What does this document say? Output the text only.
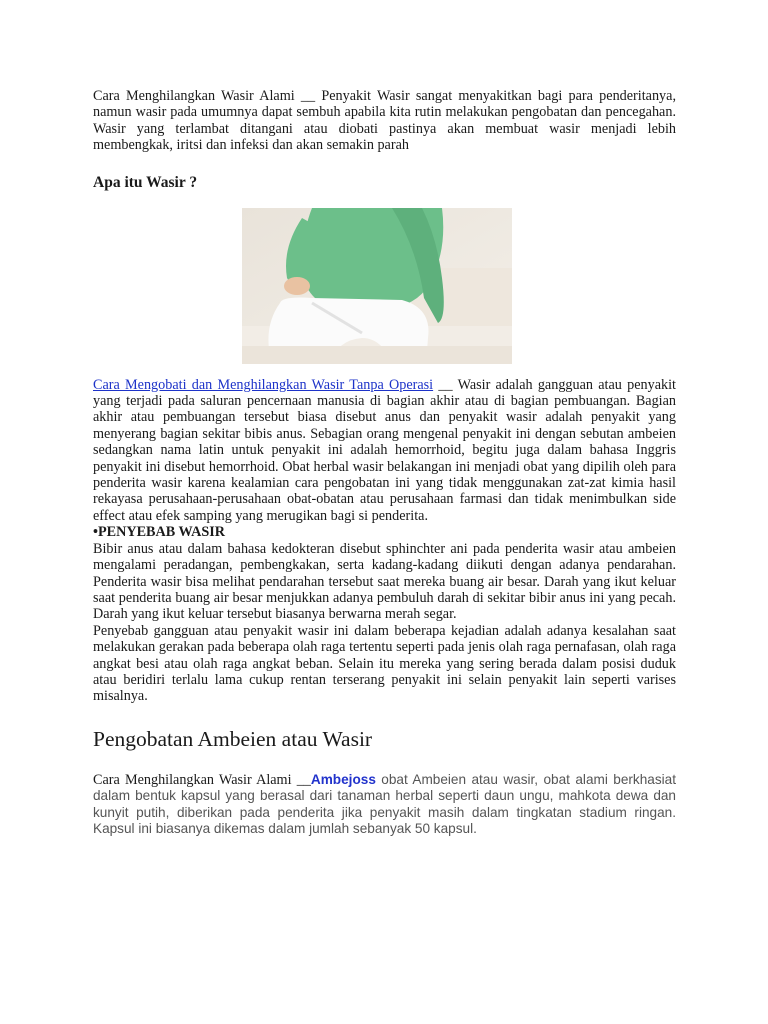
Cara Menghilangkan Wasir Alami __ Penyakit Wasir sangat menyakitkan bagi para penderitanya, namun wasir pada umumnya dapat sembuh apabila kita rutin melakukan pengobatan dan pencegahan. Wasir yang terlambat ditangani atau diobati pastinya akan membuat wasir menjadi lebih membengkak, iritsi dan infeksi dan akan semakin parah

Apa itu Wasir ?

Cara Mengobati dan Menghilangkan Wasir Tanpa Operasi __ Wasir adalah gangguan atau penyakit yang terjadi pada saluran pencernaan manusia di bagian akhir atau di bagian pembuangan. Bagian akhir atau pembuangan tersebut biasa disebut anus dan penyakit wasir adalah penyakit yang menyerang bagian sekitar bibis anus. Sebagian orang mengenal penyakit ini dengan sebutan ambeien sedangkan nama latin untuk penyakit ini adalah hemorrhoid, begitu juga dalam bahasa Inggris penyakit ini disebut hemorrhoid. Obat herbal wasir belakangan ini menjadi obat yang dipilih oleh para penderita wasir karena kealamian cara pengobatan ini yang tidak menggunakan zat-zat kimia hasil rekayasa perusahaan-perusahaan obat-obatan atau perusahaan farmasi dan tidak menimbulkan side effect atau efek samping yang merugikan bagi si penderita.

•PENYEBAB WASIR

Bibir anus atau dalam bahasa kedokteran disebut sphinchter ani pada penderita wasir atau ambeien mengalami peradangan, pembengkakan, serta kadang-kadang diikuti dengan adanya pendarahan. Penderita wasir bisa melihat pendarahan tersebut saat mereka buang air besar. Darah yang ikut keluar saat penderita buang air besar menjukkan adanya pembuluh darah di sekitar bibir anus ini yang pecah. Darah yang ikut keluar tersebut biasanya berwarna merah segar.

Penyebab gangguan atau penyakit wasir ini dalam beberapa kejadian adalah adanya kesalahan saat melakukan gerakan pada beberapa olah raga tertentu seperti pada jenis olah raga pernafasan, olah raga angkat besi atau olah raga angkat beban. Selain itu mereka yang sering berada dalam posisi duduk atau beridiri terlalu lama cukup rentan terserang penyakit ini selain penyakit lain seperti varises misalnya.

Pengobatan Ambeien atau Wasir

Cara Menghilangkan Wasir Alami __Ambejoss obat Ambeien atau wasir, obat alami berkhasiat dalam bentuk kapsul yang berasal dari tanaman herbal seperti daun ungu, mahkota dewa dan kunyit putih, diberikan pada penderita jika penyakit masih dalam tingkatan stadium ringan. Kapsul ini biasanya dikemas dalam jumlah sebanyak 50 kapsul.
